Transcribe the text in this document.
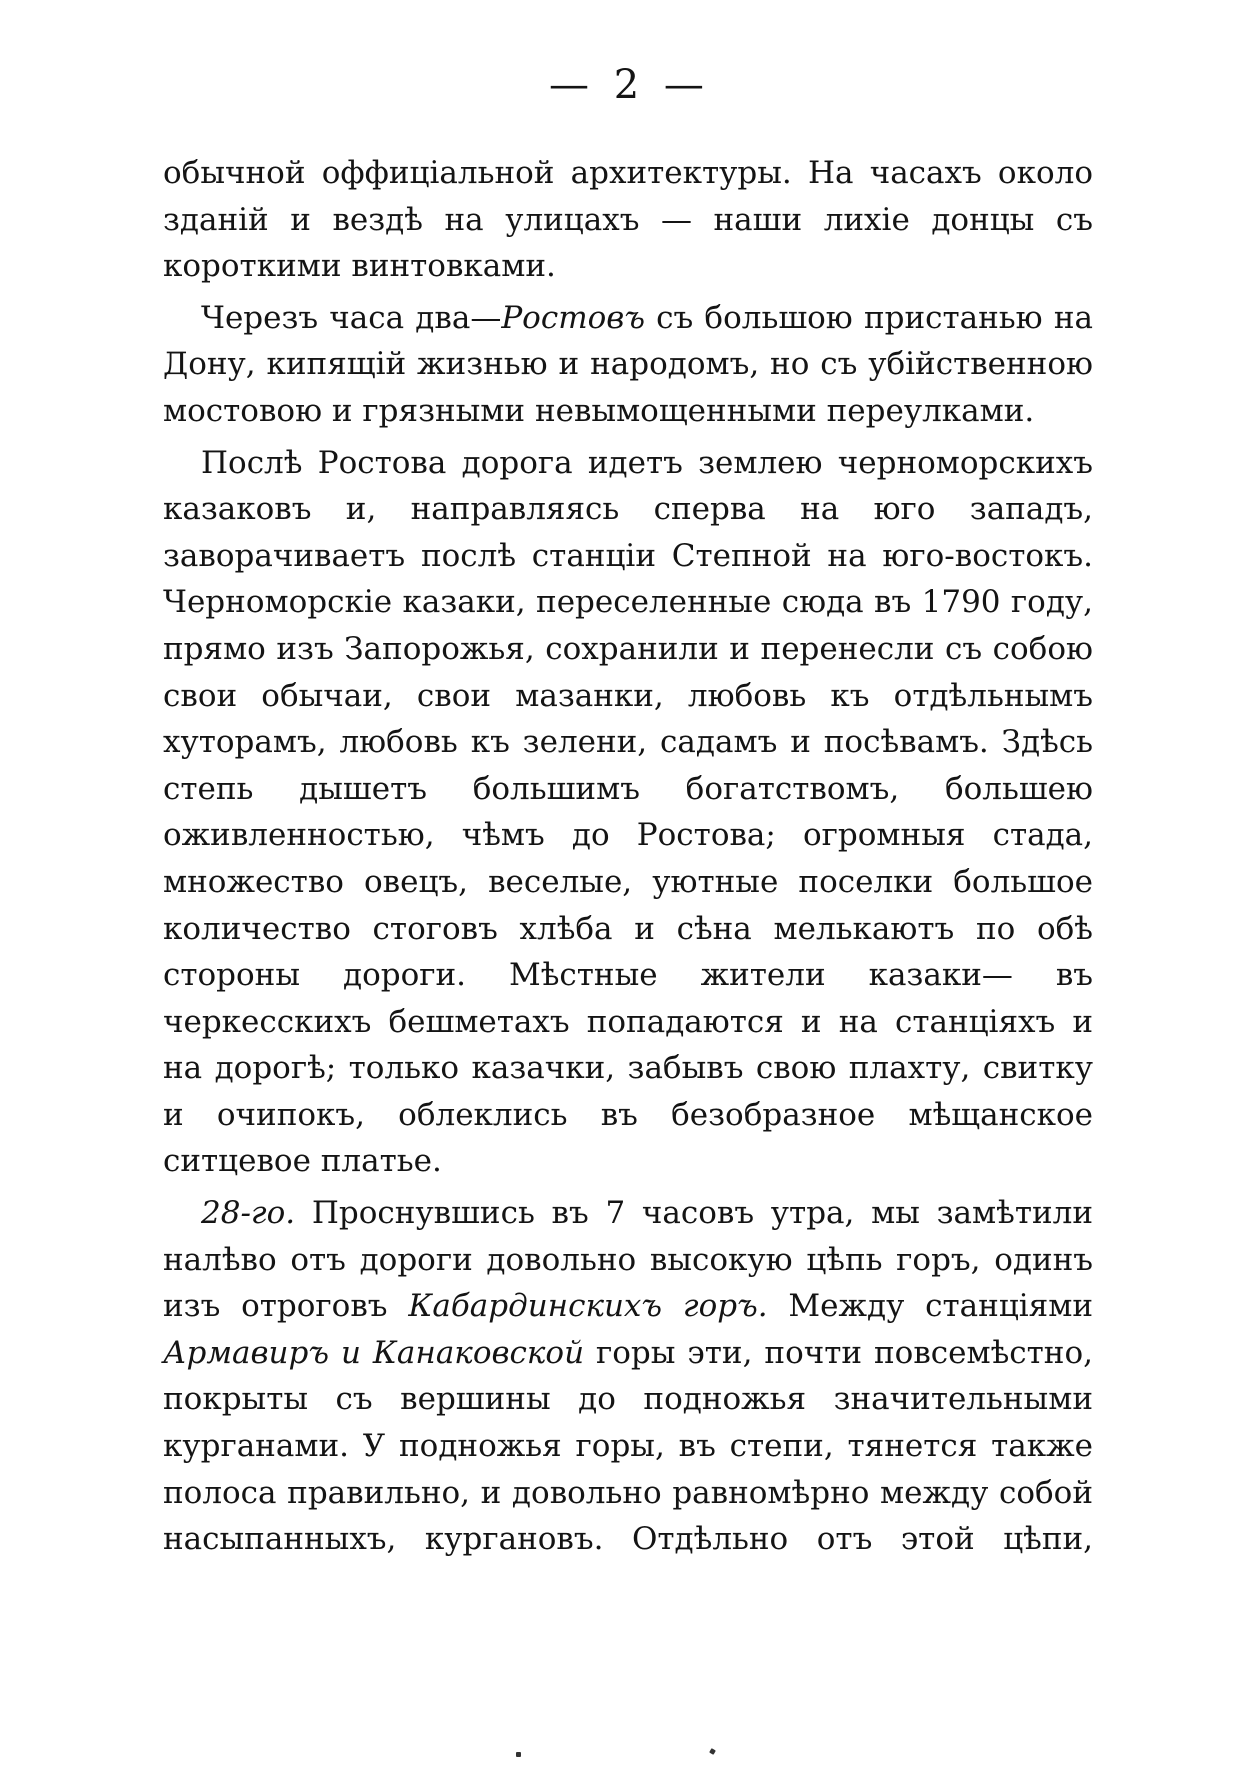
— 2 —

обычной оффиціальной архитектуры. На часахъ около зданій и вездѣ на улицахъ — наши лихіе донцы съ короткими винтовками.

Черезъ часа два—Ростовъ съ большою пристанью на Дону, кипящій жизнью и народомъ, но съ убійственною мостовою и грязными невымощенными переулками.

Послѣ Ростова дорога идетъ землею черноморскихъ казаковъ и, направляясь сперва на юго западъ, заворачиваетъ послѣ станціи Степной на юго-востокъ. Черноморскіе казаки, переселенные сюда въ 1790 году, прямо изъ Запорожья, сохранили и перенесли съ собою свои обычаи, свои мазанки, любовь къ отдѣльнымъ хуторамъ, любовь къ зелени, садамъ и посѣвамъ. Здѣсь степь дышетъ большимъ богатствомъ, большею оживленностью, чѣмъ до Ростова; огромныя стада, множество овецъ, веселые, уютные поселки большое количество стоговъ хлѣба и сѣна мелькаютъ по обѣ стороны дороги. Мѣстные жители казаки— въ черкесскихъ бешметахъ попадаются и на станціяхъ и на дорогѣ; только казачки, забывъ свою плахту, свитку и очипокъ, облеклись въ безобразное мѣщанское ситцевое платье.

28-го. Проснувшись въ 7 часовъ утра, мы замѣтили налѣво отъ дороги довольно высокую цѣпь горъ, одинъ изъ отроговъ Кабардинскихъ горъ. Между станціями Армавиръ и Канаковской горы эти, почти повсемѣстно, покрыты съ вершины до подножья значительными курганами. У подножья горы, въ степи, тянется также полоса правильно, и довольно равномѣрно между собой насыпанныхъ, кургановъ. Отдѣльно отъ этой цѣпи,
